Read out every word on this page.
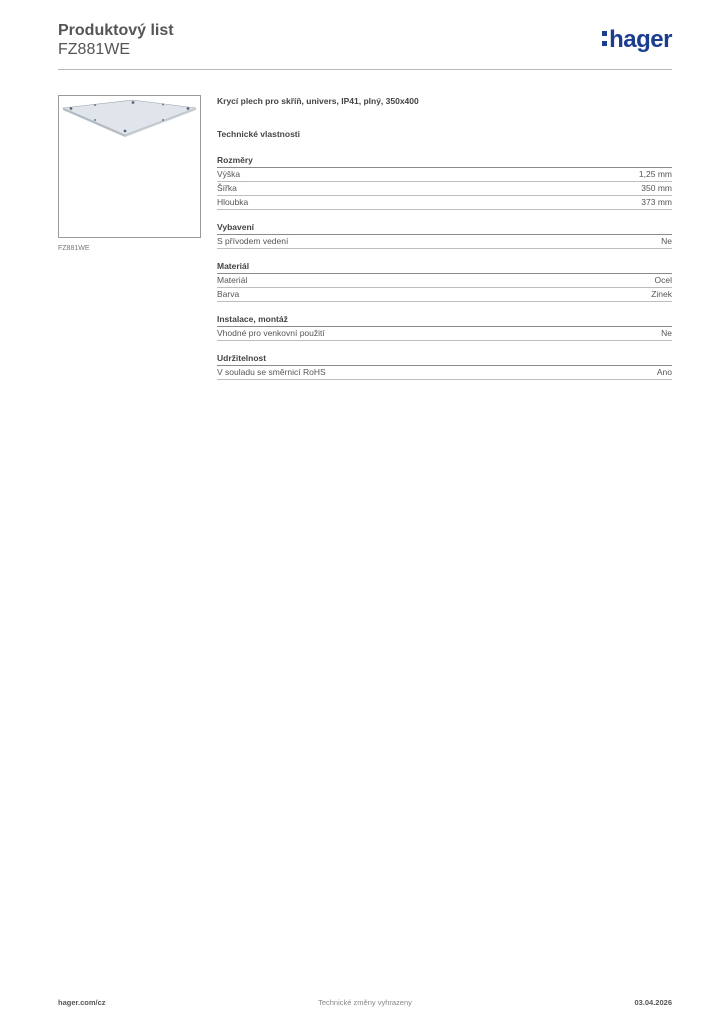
Produktový list
FZ881WE	hager
FZ881WE
Krycí plech pro skříň, univers, IP41, plný, 350x400
Technické vlastnosti
Rozměry
Výška	1,25 mm
Šířka	350 mm
Hloubka	373 mm
Vybavení
S přívodem vedení	Ne
Materiál
Materiál	Ocel
Barva	Zinek
Instalace, montáž
Vhodné pro venkovní použití	Ne
Udržitelnost
V souladu se směrnicí RoHS	Ano
hager.com/cz	Technické změny vyhrazeny	03.04.2026
